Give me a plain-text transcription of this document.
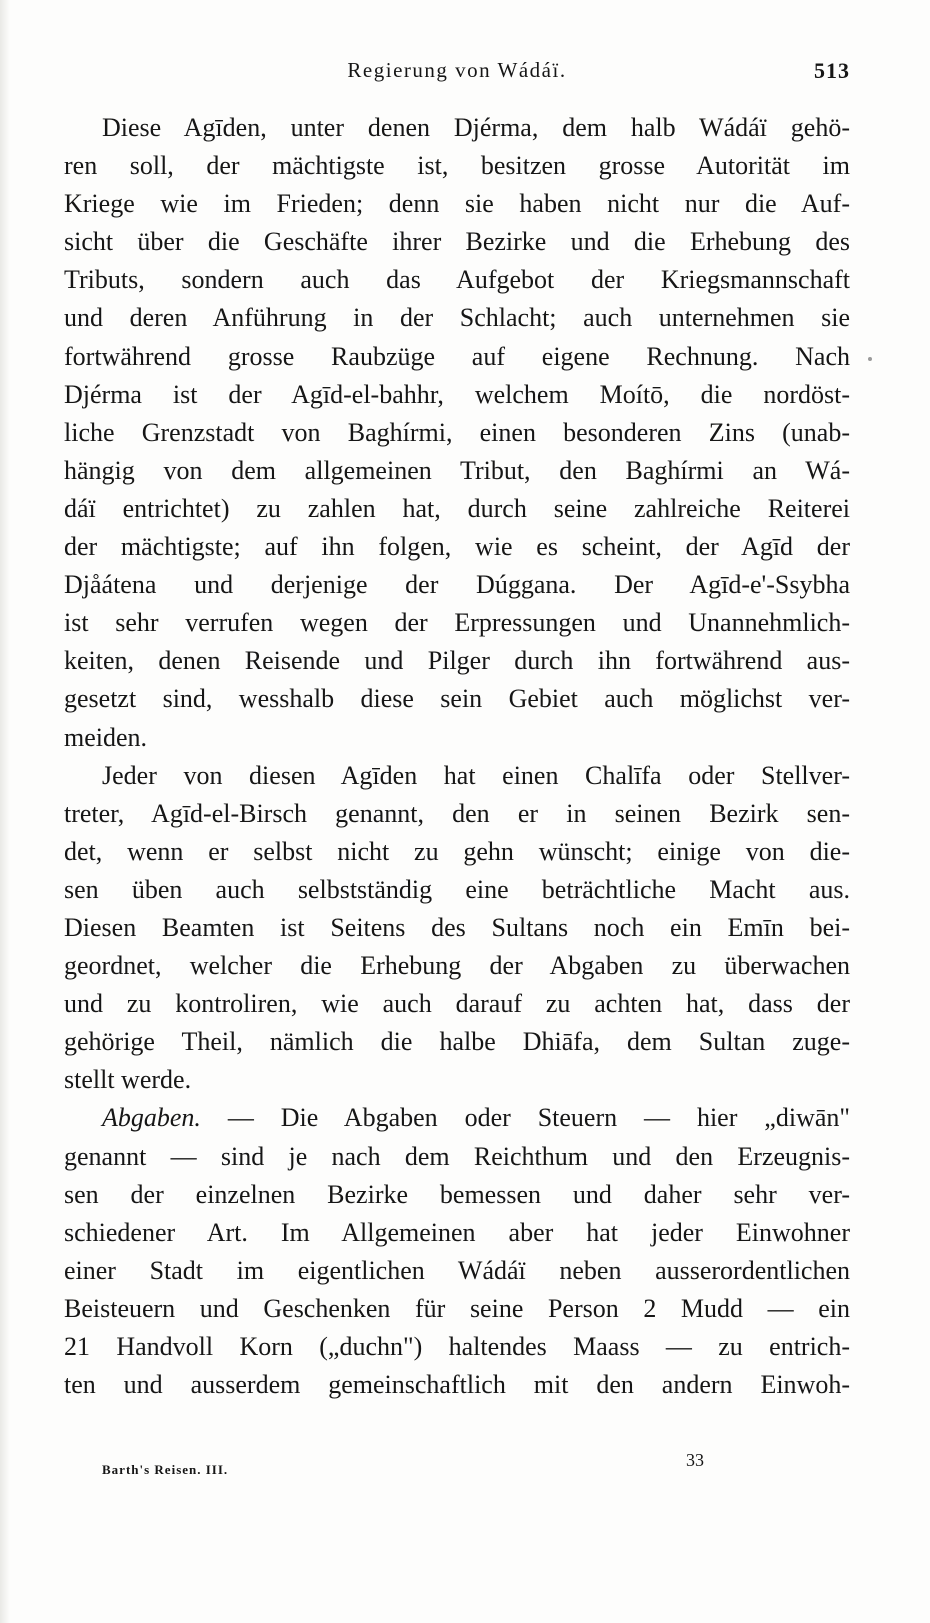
Regierung von Wádáï.	513
Diese Agīden, unter denen Djérma, dem halb Wádáï gehö-
ren soll, der mächtigste ist, besitzen grosse Autorität im
Kriege wie im Frieden; denn sie haben nicht nur die Auf-
sicht über die Geschäfte ihrer Bezirke und die Erhebung des
Tributs, sondern auch das Aufgebot der Kriegsmannschaft
und deren Anführung in der Schlacht; auch unternehmen sie
fortwährend grosse Raubzüge auf eigene Rechnung. Nach
Djérma ist der Agīd-el-bahhr, welchem Moítō, die nordöst-
liche Grenzstadt von Baghírmi, einen besonderen Zins (unab-
hängig von dem allgemeinen Tribut, den Baghírmi an Wá-
dáï entrichtet) zu zahlen hat, durch seine zahlreiche Reiterei
der mächtigste; auf ihn folgen, wie es scheint, der Agīd der
Djåátena und derjenige der Dúggana. Der Agīd-e'-Ssybha
ist sehr verrufen wegen der Erpressungen und Unannehmlich-
keiten, denen Reisende und Pilger durch ihn fortwährend aus-
gesetzt sind, wesshalb diese sein Gebiet auch möglichst ver-
meiden.
Jeder von diesen Agīden hat einen Chalīfa oder Stellver-
treter, Agīd-el-Birsch genannt, den er in seinen Bezirk sen-
det, wenn er selbst nicht zu gehn wünscht; einige von die-
sen üben auch selbstständig eine beträchtliche Macht aus.
Diesen Beamten ist Seitens des Sultans noch ein Emīn bei-
geordnet, welcher die Erhebung der Abgaben zu überwachen
und zu kontroliren, wie auch darauf zu achten hat, dass der
gehörige Theil, nämlich die halbe Dhiāfa, dem Sultan zuge-
stellt werde.
Abgaben. — Die Abgaben oder Steuern — hier „diwān"
genannt — sind je nach dem Reichthum und den Erzeugnis-
sen der einzelnen Bezirke bemessen und daher sehr ver-
schiedener Art. Im Allgemeinen aber hat jeder Einwohner
einer Stadt im eigentlichen Wádáï neben ausserordentlichen
Beisteuern und Geschenken für seine Person 2 Mudd — ein
21 Handvoll Korn („duchn") haltendes Maass — zu entrich-
ten und ausserdem gemeinschaftlich mit den andern Einwoh-
Barth's Reisen. III.	33
